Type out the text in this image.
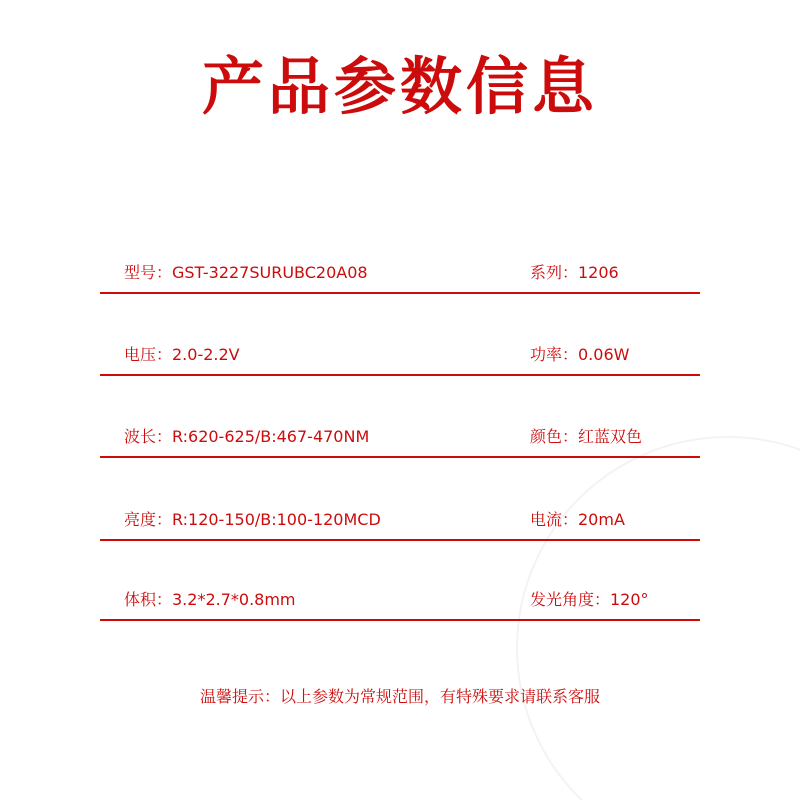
产品参数信息
型号：GST-3227SURUBC20A08	系列：1206
电压：2.0-2.2V	功率：0.06W
波长：R:620-625/B:467-470NM	颜色：红蓝双色
亮度：R:120-150/B:100-120MCD	电流：20mA
体积：3.2*2.7*0.8mm	发光角度：120°
温馨提示：以上参数为常规范围，有特殊要求请联系客服
